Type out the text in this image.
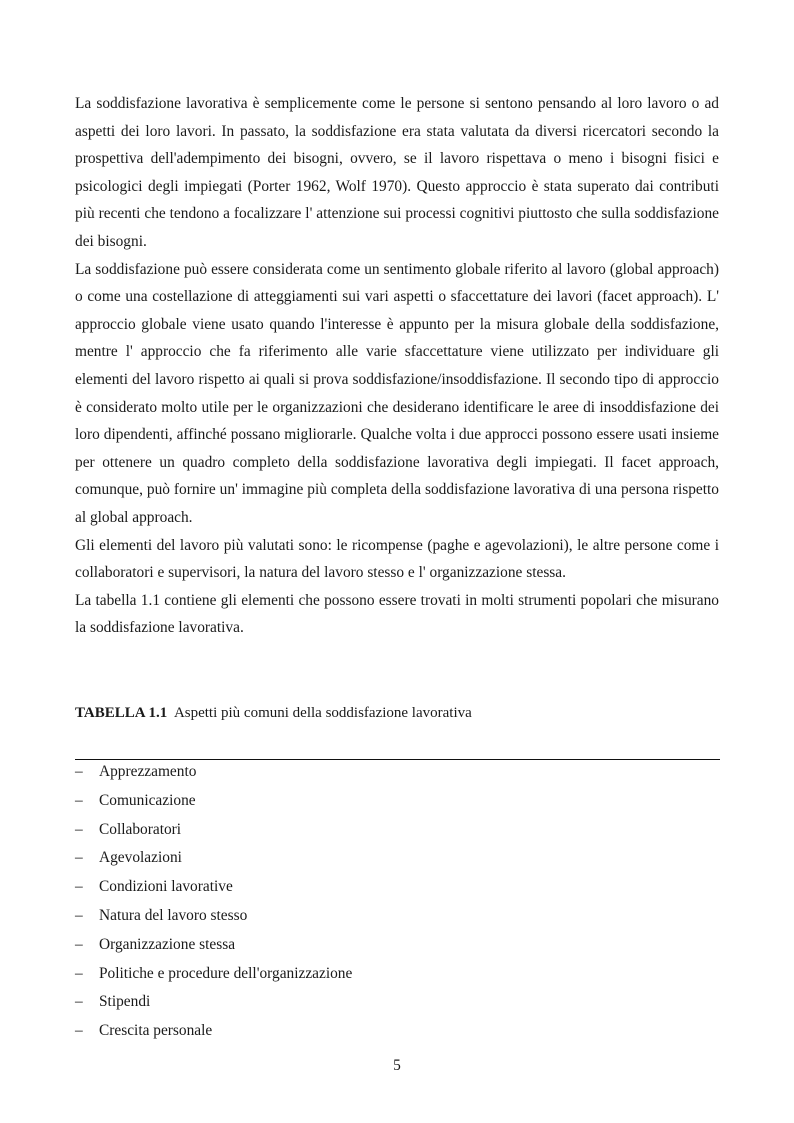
La soddisfazione lavorativa è semplicemente come le persone si sentono pensando al loro lavoro o ad aspetti dei loro lavori. In passato, la soddisfazione era stata valutata da diversi ricercatori secondo la prospettiva dell'adempimento dei bisogni, ovvero, se il lavoro rispettava o meno i bisogni fisici e psicologici degli impiegati (Porter 1962, Wolf 1970). Questo approccio è stata superato dai contributi più recenti che tendono a focalizzare l' attenzione sui processi cognitivi piuttosto che sulla soddisfazione dei bisogni.

La soddisfazione può essere considerata come un sentimento globale riferito al lavoro (global approach) o come una costellazione di atteggiamenti sui vari aspetti o sfaccettature dei lavori (facet approach). L' approccio globale viene usato quando l'interesse è appunto per la misura globale della soddisfazione, mentre l' approccio che fa riferimento alle varie sfaccettature viene utilizzato per individuare gli elementi del lavoro rispetto ai quali si prova soddisfazione/insoddisfazione. Il secondo tipo di approccio è considerato molto utile per le organizzazioni che desiderano identificare le aree di insoddisfazione dei loro dipendenti, affinché possano migliorarle. Qualche volta i due approcci possono essere usati insieme per ottenere un quadro completo della soddisfazione lavorativa degli impiegati. Il facet approach, comunque, può fornire un' immagine più completa della soddisfazione lavorativa di una persona rispetto al global approach.

Gli elementi del lavoro più valutati sono: le ricompense (paghe e agevolazioni), le altre persone come i collaboratori e supervisori, la natura del lavoro stesso e l' organizzazione stessa.

La tabella 1.1 contiene gli elementi che possono essere trovati in molti strumenti popolari che misurano la soddisfazione lavorativa.

TABELLA 1.1 Aspetti più comuni della soddisfazione lavorativa
– Apprezzamento
– Comunicazione
– Collaboratori
– Agevolazioni
– Condizioni lavorative
– Natura del lavoro stesso
– Organizzazione stessa
– Politiche e procedure dell'organizzazione
– Stipendi
– Crescita personale
5
